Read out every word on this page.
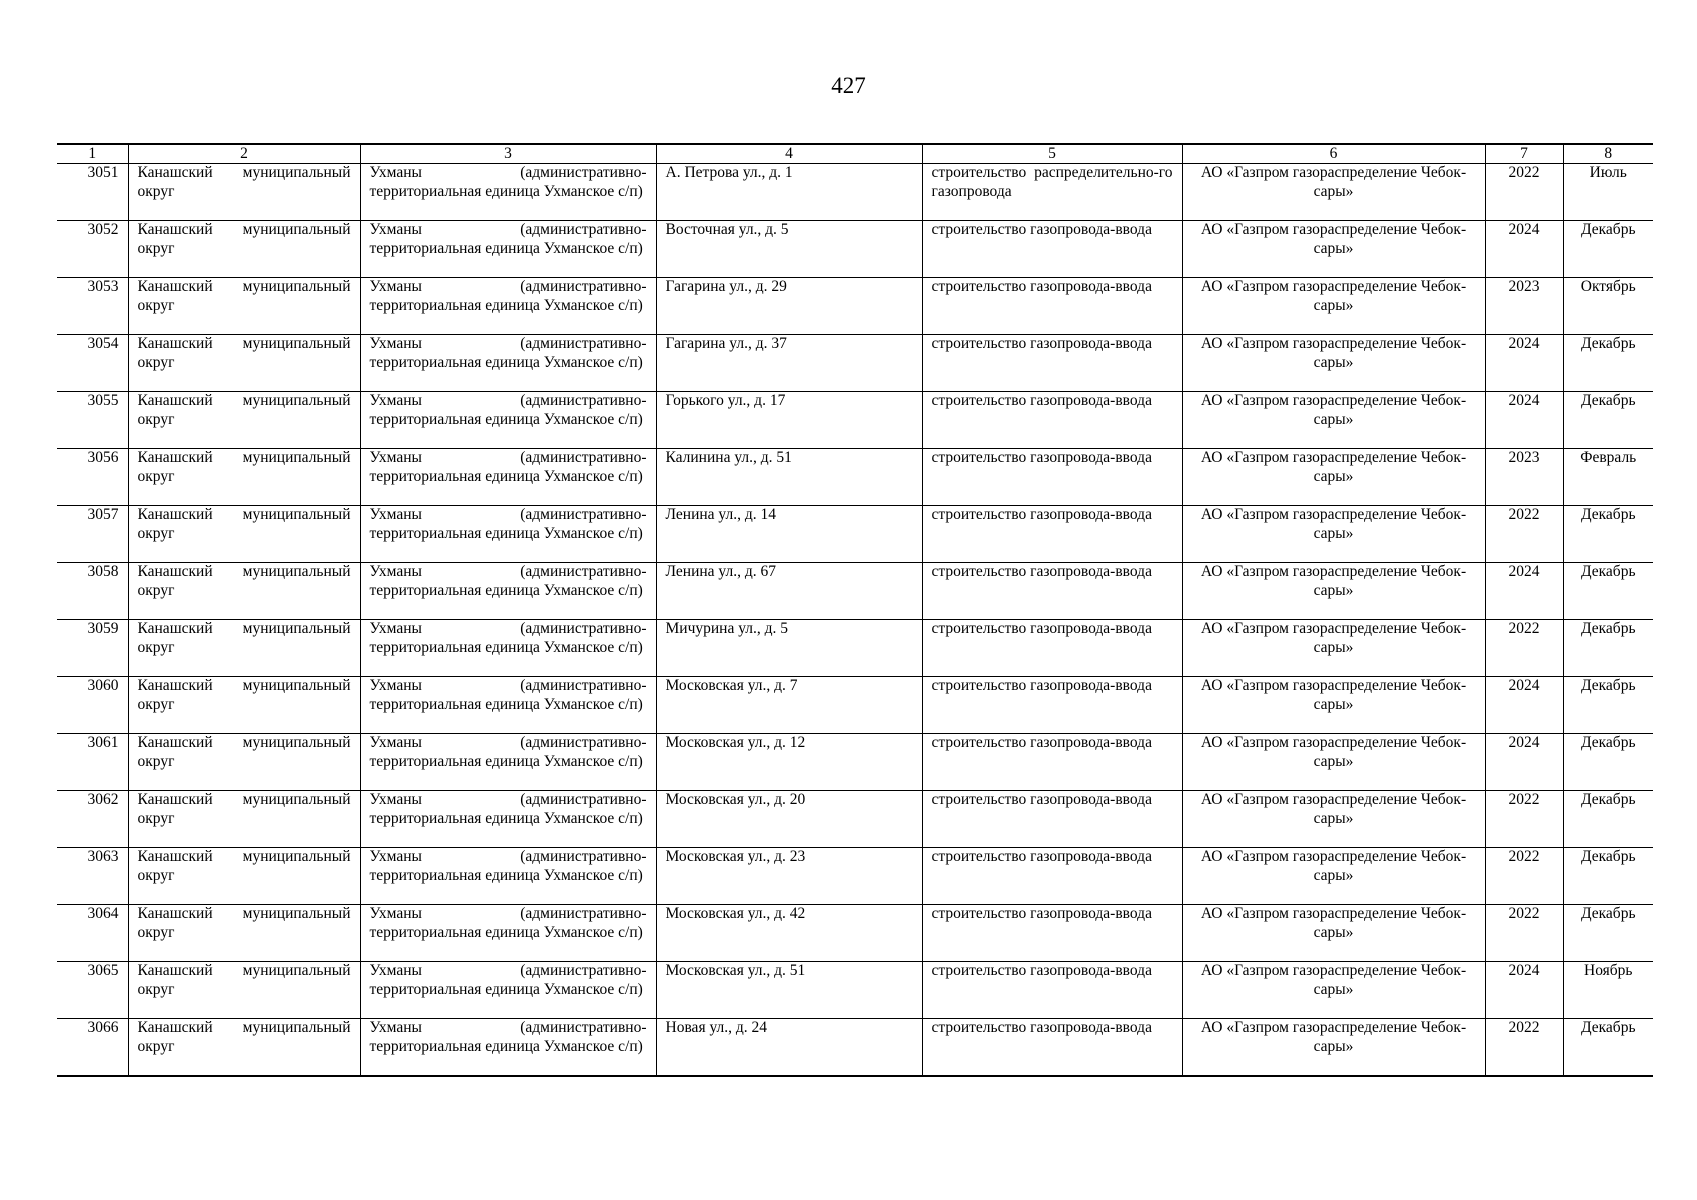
427
1	2	3	4	5	6	7	8
3051	Канашский муниципальный округ	Ухманы (административно-территориальная единица Ухманское с/п)	А. Петрова ул., д. 1	строительство распределительно-го газопровода	АО «Газпром газораспределение Чебок-сары»	2022	Июль
3052	Канашский муниципальный округ	Ухманы (административно-территориальная единица Ухманское с/п)	Восточная ул., д. 5	строительство газопровода-ввода	АО «Газпром газораспределение Чебок-сары»	2024	Декабрь
3053	Канашский муниципальный округ	Ухманы (административно-территориальная единица Ухманское с/п)	Гагарина ул., д. 29	строительство газопровода-ввода	АО «Газпром газораспределение Чебок-сары»	2023	Октябрь
3054	Канашский муниципальный округ	Ухманы (административно-территориальная единица Ухманское с/п)	Гагарина ул., д. 37	строительство газопровода-ввода	АО «Газпром газораспределение Чебок-сары»	2024	Декабрь
3055	Канашский муниципальный округ	Ухманы (административно-территориальная единица Ухманское с/п)	Горького ул., д. 17	строительство газопровода-ввода	АО «Газпром газораспределение Чебок-сары»	2024	Декабрь
3056	Канашский муниципальный округ	Ухманы (административно-территориальная единица Ухманское с/п)	Калинина ул., д. 51	строительство газопровода-ввода	АО «Газпром газораспределение Чебок-сары»	2023	Февраль
3057	Канашский муниципальный округ	Ухманы (административно-территориальная единица Ухманское с/п)	Ленина ул., д. 14	строительство газопровода-ввода	АО «Газпром газораспределение Чебок-сары»	2022	Декабрь
3058	Канашский муниципальный округ	Ухманы (административно-территориальная единица Ухманское с/п)	Ленина ул., д. 67	строительство газопровода-ввода	АО «Газпром газораспределение Чебок-сары»	2024	Декабрь
3059	Канашский муниципальный округ	Ухманы (административно-территориальная единица Ухманское с/п)	Мичурина ул., д. 5	строительство газопровода-ввода	АО «Газпром газораспределение Чебок-сары»	2022	Декабрь
3060	Канашский муниципальный округ	Ухманы (административно-территориальная единица Ухманское с/п)	Московская ул., д. 7	строительство газопровода-ввода	АО «Газпром газораспределение Чебок-сары»	2024	Декабрь
3061	Канашский муниципальный округ	Ухманы (административно-территориальная единица Ухманское с/п)	Московская ул., д. 12	строительство газопровода-ввода	АО «Газпром газораспределение Чебок-сары»	2024	Декабрь
3062	Канашский муниципальный округ	Ухманы (административно-территориальная единица Ухманское с/п)	Московская ул., д. 20	строительство газопровода-ввода	АО «Газпром газораспределение Чебок-сары»	2022	Декабрь
3063	Канашский муниципальный округ	Ухманы (административно-территориальная единица Ухманское с/п)	Московская ул., д. 23	строительство газопровода-ввода	АО «Газпром газораспределение Чебок-сары»	2022	Декабрь
3064	Канашский муниципальный округ	Ухманы (административно-территориальная единица Ухманское с/п)	Московская ул., д. 42	строительство газопровода-ввода	АО «Газпром газораспределение Чебок-сары»	2022	Декабрь
3065	Канашский муниципальный округ	Ухманы (административно-территориальная единица Ухманское с/п)	Московская ул., д. 51	строительство газопровода-ввода	АО «Газпром газораспределение Чебок-сары»	2024	Ноябрь
3066	Канашский муниципальный округ	Ухманы (административно-территориальная единица Ухманское с/п)	Новая ул., д. 24	строительство газопровода-ввода	АО «Газпром газораспределение Чебок-сары»	2022	Декабрь
